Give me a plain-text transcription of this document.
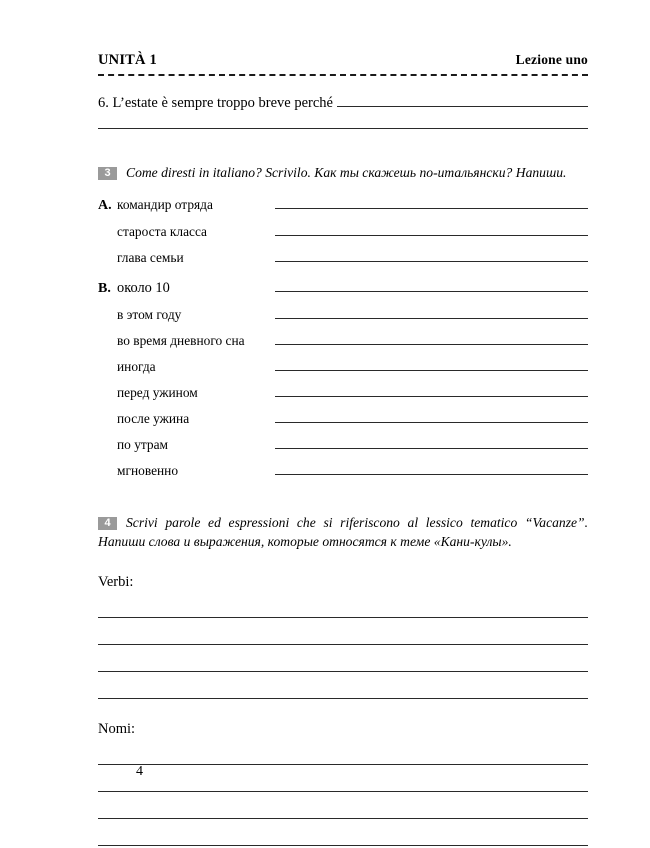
UNITÀ 1	Lezione uno
6. L’estate è sempre troppo breve perché
3 Come diresti in italiano? Scrivilo. Как ты скажешь по-итальянски? Напиши.
A. командир отряда
староста класса
глава семьи
B. около 10
в этом году
во время дневного сна
иногда
перед ужином
после ужина
по утрам
мгновенно
4 Scrivi parole ed espressioni che si riferiscono al lessico tematico “Vacanze”. Напиши слова и выражения, которые относятся к теме «Кани-кулы».
Verbi:
Nomi:
4
